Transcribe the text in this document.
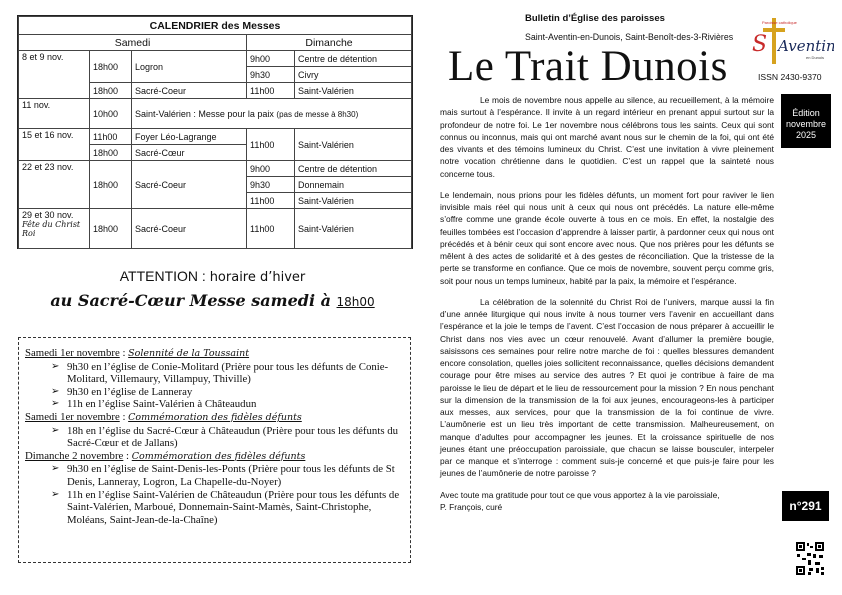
CALENDRIER des Messes				
Samedi			Dimanche	
8 et 9 nov.	18h00	Logron	9h00	Centre de détention
			9h30	Civry
	18h00	Sacré-Coeur	11h00	Saint-Valérien
11 nov.	10h00	Saint-Valérien : Messe pour la paix (pas de messe à 8h30)		
15 et 16 nov.	11h00	Foyer Léo-Lagrange	11h00	Saint-Valérien
	18h00	Sacré-Cœur		
22 et 23 nov.	18h00	Sacré-Coeur	9h00	Centre de détention
			9h30	Donnemain
			11h00	Saint-Valérien

29 et 30 nov.
Fête du Christ Roi	18h00	Sacré-Coeur	11h00	Saint-Valérien
ATTENTION : horaire d’hiver
au Sacré-Cœur Messe samedi à 18h00
Samedi 1er novembre : Solennité de la Toussaint
➢ 9h30 en l’église de Conie-Molitard (Prière pour tous les défunts de Conie-Molitard, Villemaury, Villampuy, Thiville)
➢ 9h30 en l’église de Lanneray
➢ 11h en l’église Saint-Valérien à Châteaudun
Samedi 1er novembre : Commémoration des fidèles défunts
➢ 18h en l’église du Sacré-Cœur à Châteaudun (Prière pour tous les défunts du Sacré-Cœur et de Jallans)
Dimanche 2 novembre : Commémoration des fidèles défunts
➢ 9h30 en l’église de Saint-Denis-les-Ponts (Prière pour tous les défunts de St Denis, Lanneray, Logron, La Chapelle-du-Noyer)
➢ 11h en l’église Saint-Valérien de Châteaudun (Prière pour tous les défunts de Saint-Valérien, Marboué, Donnemain-Saint-Mamès, Saint-Christophe, Moléans, Saint-Jean-de-la-Chaîne)
Bulletin d’Église des paroisses
Saint-Aventin-en-Dunois, Saint-Benoît-des-3-Rivières
Paroisse catholique
S Aventin
en Dunois
Le Trait Dunois	ISSN 2430-9370
Édition novembre 2025

Le mois de novembre nous appelle au silence, au recueillement, à la mémoire mais surtout à l’espérance. Il invite à un regard intérieur en prenant appui surtout sur la profondeur de notre foi. Le 1er novembre nous célébrons tous les saints. Ceux qui sont connus ou inconnus, mais qui ont marché avant nous sur le chemin de la foi, qui ont été des vivants et des témoins lumineux du Christ. C’est une invitation à vivre pleinement notre vocation chrétienne dans le quotidien. C’est un rappel que la sainteté nous concerne tous.

Le lendemain, nous prions pour les fidèles défunts, un moment fort pour raviver le lien invisible mais réel qui nous unit à ceux qui nous ont précédés. La nature elle-même s’offre comme une grande école ouverte à tous en ce mois. En effet, la nostalgie des feuilles tombées est l’occasion d’apprendre à laisser partir, à pardonner ceux qui nous ont précédés et à bénir ceux qui sont encore avec nous. Que nos prières pour les défunts se mêlent à des actes de solidarité et à des gestes de réconciliation. Que la tristesse de la perte se transforme en confiance. Que ce mois de novembre, souvent perçu comme gris, soit pour nous un temps lumineux, habité par la paix, la mémoire et l’espérance.

La célébration de la solennité du Christ Roi de l’univers, marque aussi la fin d’une année liturgique qui nous invite à nous tourner vers l’avenir en accueillant dans l’espérance et la joie le temps de l’avent. C’est l’occasion de nous préparer à accueillir le Christ dans nos vies avec un cœur renouvelé. Avant d’allumer la première bougie, saisissons ces semaines pour relire notre marche de foi : quelles blessures demandent encore consolation, quelles joies sollicitent reconnaissance, quelles décisions demandent courage pour être mises au service des autres ? Et quoi je contribue à faire de ma paroisse le lieu de départ et le lieu de ressourcement pour la mission ? En nous penchant sur la dimension de la transmission de la foi aux jeunes, encourageons-les à participer aux messes, aux services, pour que la transmission de la foi continue de vivre. L’aumônerie est un lieu très important de cette transmission. Malheureusement, on manque d’adultes pour accompagner les jeunes. Et la croissance spirituelle de nos jeunes étant une préoccupation paroissiale, que chacun se laisse bousculer, interpeler par ce manque et s’interroge : comment suis-je concerné et que puis-je faire pour les jeunes de l’aumônerie de notre paroisse ?

Avec toute ma gratitude pour tout ce que vous apportez à la vie paroissiale,

P. François, curé	n°291
